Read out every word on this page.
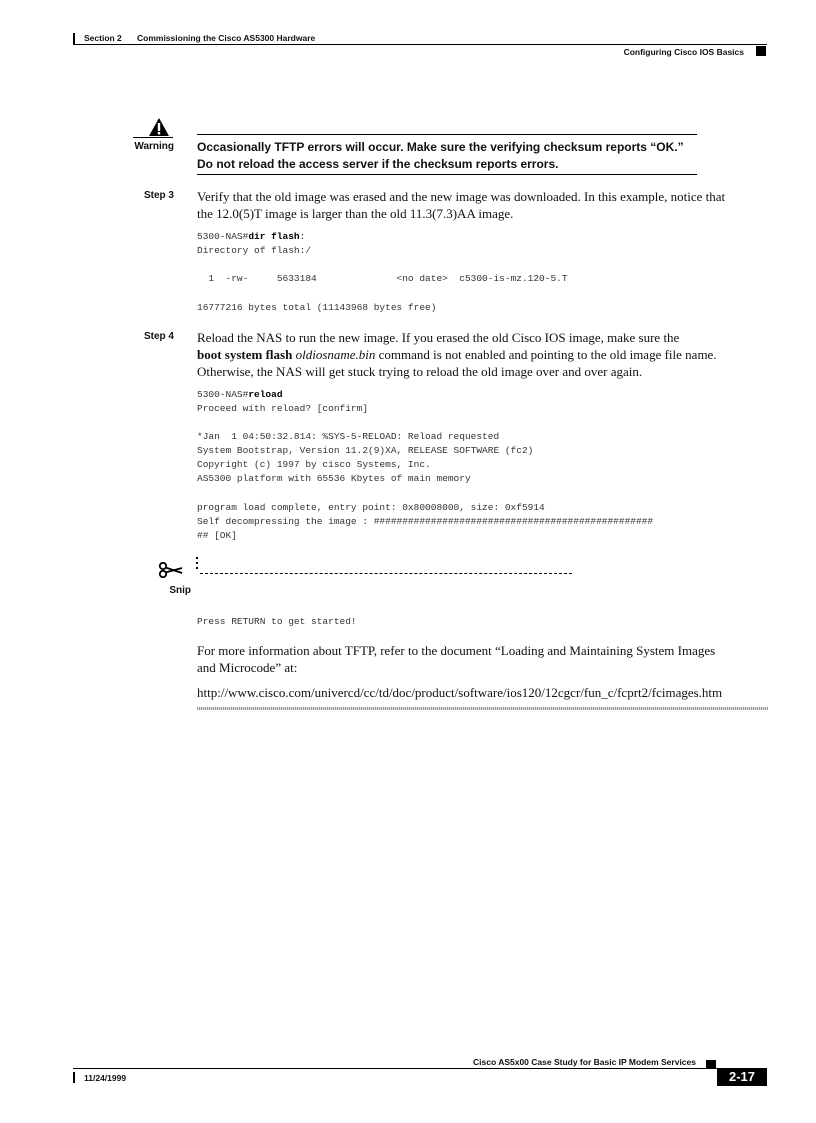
Section 2 Commissioning the Cisco AS5300 Hardware
Configuring Cisco IOS Basics
Warning Occasionally TFTP errors will occur. Make sure the verifying checksum reports “OK.”
Do not reload the access server if the checksum reports errors.
Step 3 Verify that the old image was erased and the new image was downloaded. In this example, notice that
the 12.0(5)T image is larger than the old 11.3(7.3)AA image.
5300-NAS#dir flash:
Directory of flash:/
1  -rw-     5633184              <no date>  c5300-is-mz.120-5.T
16777216 bytes total (11143968 bytes free)
Step 4 Reload the NAS to run the new image. If you erased the old Cisco IOS image, make sure the
boot system flash oldiosname.bin command is not enabled and pointing to the old image file name.
Otherwise, the NAS will get stuck trying to reload the old image over and over again.
5300-NAS#reload
Proceed with reload? [confirm]
*Jan  1 04:50:32.814: %SYS-5-RELOAD: Reload requested
System Bootstrap, Version 11.2(9)XA, RELEASE SOFTWARE (fc2)
Copyright (c) 1997 by cisco Systems, Inc.
AS5300 platform with 65536 Kbytes of main memory
program load complete, entry point: 0x80008000, size: 0xf5914
Self decompressing the image : #################################################
## [OK]
Snip
Press RETURN to get started!
For more information about TFTP, refer to the document “Loading and Maintaining System Images
and Microcode” at:
http://www.cisco.com/univercd/cc/td/doc/product/software/ios120/12cgcr/fun_c/fcprt2/fcimages.htm
Cisco AS5x00 Case Study for Basic IP Modem Services
11/24/1999	2-17
